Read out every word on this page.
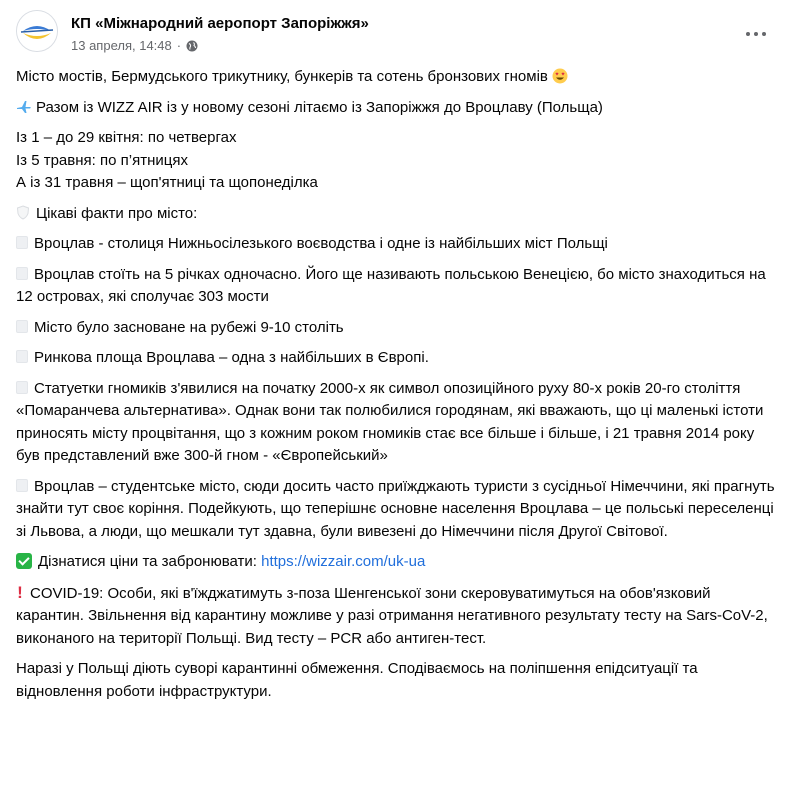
КП «Міжнародний аеропорт Запоріжжя»
13 апреля, 14:48 ·

Місто мостів, Бермудського трикутнику, бункерів та сотень бронзових гномів

Разом із WIZZ AIR із у новому сезоні літаємо із Запоріжжя до Вроцлаву (Польща)

Із 1 – до 29 квітня: по четвергах

Із 5 травня: по п’ятницях

А із 31 травня – щоп'ятниці та щопонеділка

Цікаві факти про місто:

Вроцлав - столиця Нижньосілезького воєводства і одне із найбільших міст Польщі

Вроцлав стоїть на 5 річках одночасно. Його ще називають польською Венецією, бо місто знаходиться на 12 островах, які сполучає 303 мости

Місто було засноване на рубежі 9-10 століть

Ринкова площа Вроцлава – одна з найбільших в Європі.

Статуетки гномиків з'явилися на початку 2000-х як символ опозиційного руху 80-х років 20-го століття «Помаранчева альтернатива». Однак вони так полюбилися городянам, які вважають, що ці маленькі істоти приносять місту процвітання, що з кожним роком гномиків стає все більше і більше, і 21 травня 2014 року був представлений вже 300-й гном - «Європейський»

Вроцлав – студентське місто, сюди досить часто приїжджають туристи з сусідньої Німеччини, які прагнуть знайти тут своє коріння. Подейкують, що теперішнє основне населення Вроцлава – це польські переселенці зі Львова, а люди, що мешкали тут здавна, були вивезені до Німеччини після Другої Світової.

Дізнатися ціни та забронювати: https://wizzair.com/uk-ua

! COVID-19: Особи, які в'їжджатимуть з-поза Шенгенської зони скеровуватимуться на обов'язковий карантин. Звільнення від карантину можливе у разі отримання негативного результату тесту на Sars-CoV-2, виконаного на території Польщі. Вид тесту – PCR або антиген-тест.

Наразі у Польщі діють суворі карантинні обмеження. Сподіваємось на поліпшення епідситуації та відновлення роботи інфраструктури.
